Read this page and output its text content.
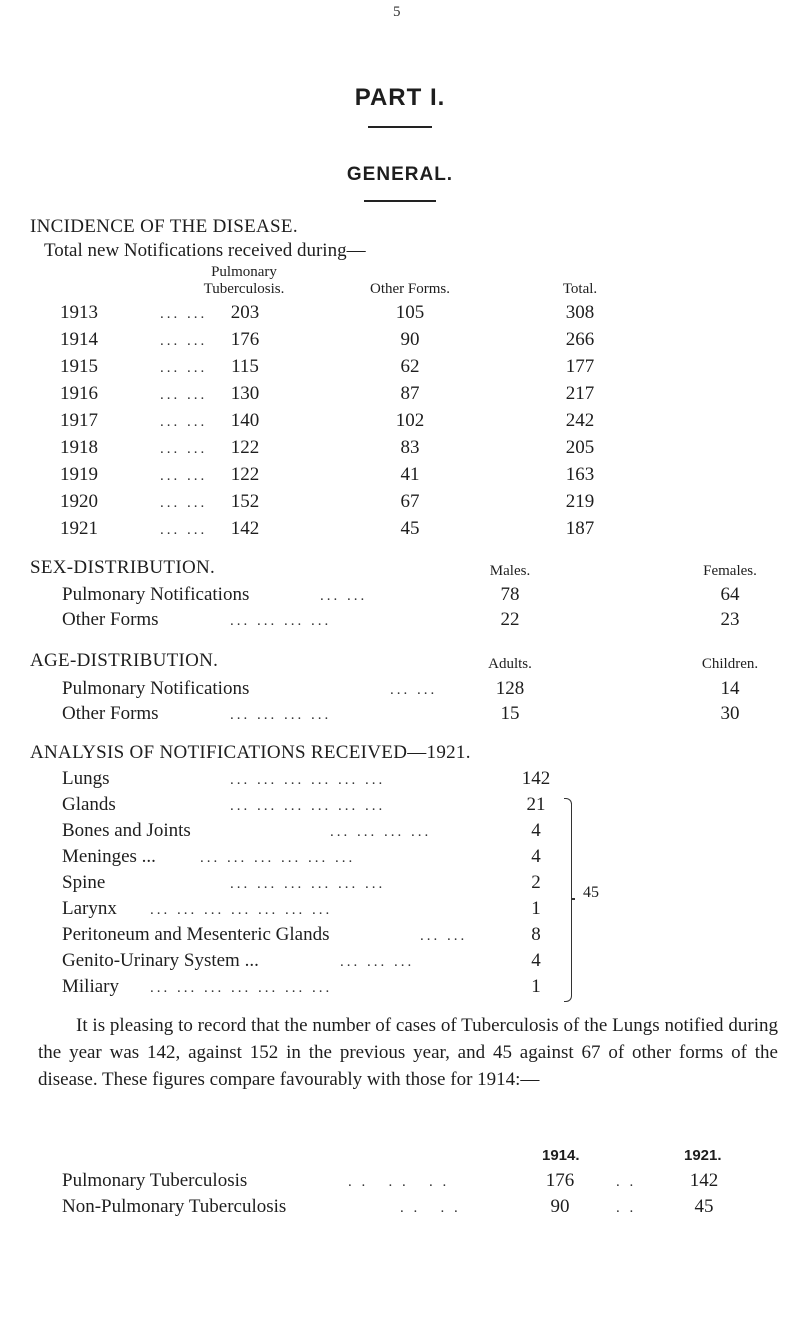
5
PART I.
GENERAL.
INCIDENCE OF THE DISEASE.
Total new Notifications received during—
Pulmonary Tuberculosis.	Other Forms.	Total.
1913	... ...	203	105	308
1914	... ...	176	90	266
1915	... ...	115	62	177
1916	... ...	130	87	217
1917	... ...	140	102	242
1918	... ...	122	83	205
1919	... ...	122	41	163
1920	... ...	152	67	219
1921	... ...	142	45	187
SEX-DISTRIBUTION.	Males.	Females.
Pulmonary Notifications	... ...	78	64
Other Forms	... ... ... ...	22	23
AGE-DISTRIBUTION.	Adults.	Children.
Pulmonary Notifications	... ...	128	14
Other Forms	... ... ... ...	15	30
ANALYSIS OF NOTIFICATIONS RECEIVED—1921.
Lungs	... ... ... ... ... ...	142
Glands	... ... ... ... ... ...	21
Bones and Joints	... ... ... ...	4
Meninges ...	... ... ... ... ... ...	4
Spine	... ... ... ... ... ...	2
Larynx ... ... ... ... ... ... ...	1
Peritoneum and Mesenteric Glands	... ...	8
Genito-Urinary System ...	... ... ...	4
Miliary ... ... ... ... ... ... ...	1
45
It is pleasing to record that the number of cases of Tuberculosis of the Lungs notified during the year was 142, against 152 in the previous year, and 45 against 67 of other forms of the disease. These figures compare favourably with those for 1914:—
1914.	1921.
Pulmonary Tuberculosis	. .   . .   . .	176	. .	142
Non-Pulmonary Tuberculosis	. .   . .	90	. .	45
